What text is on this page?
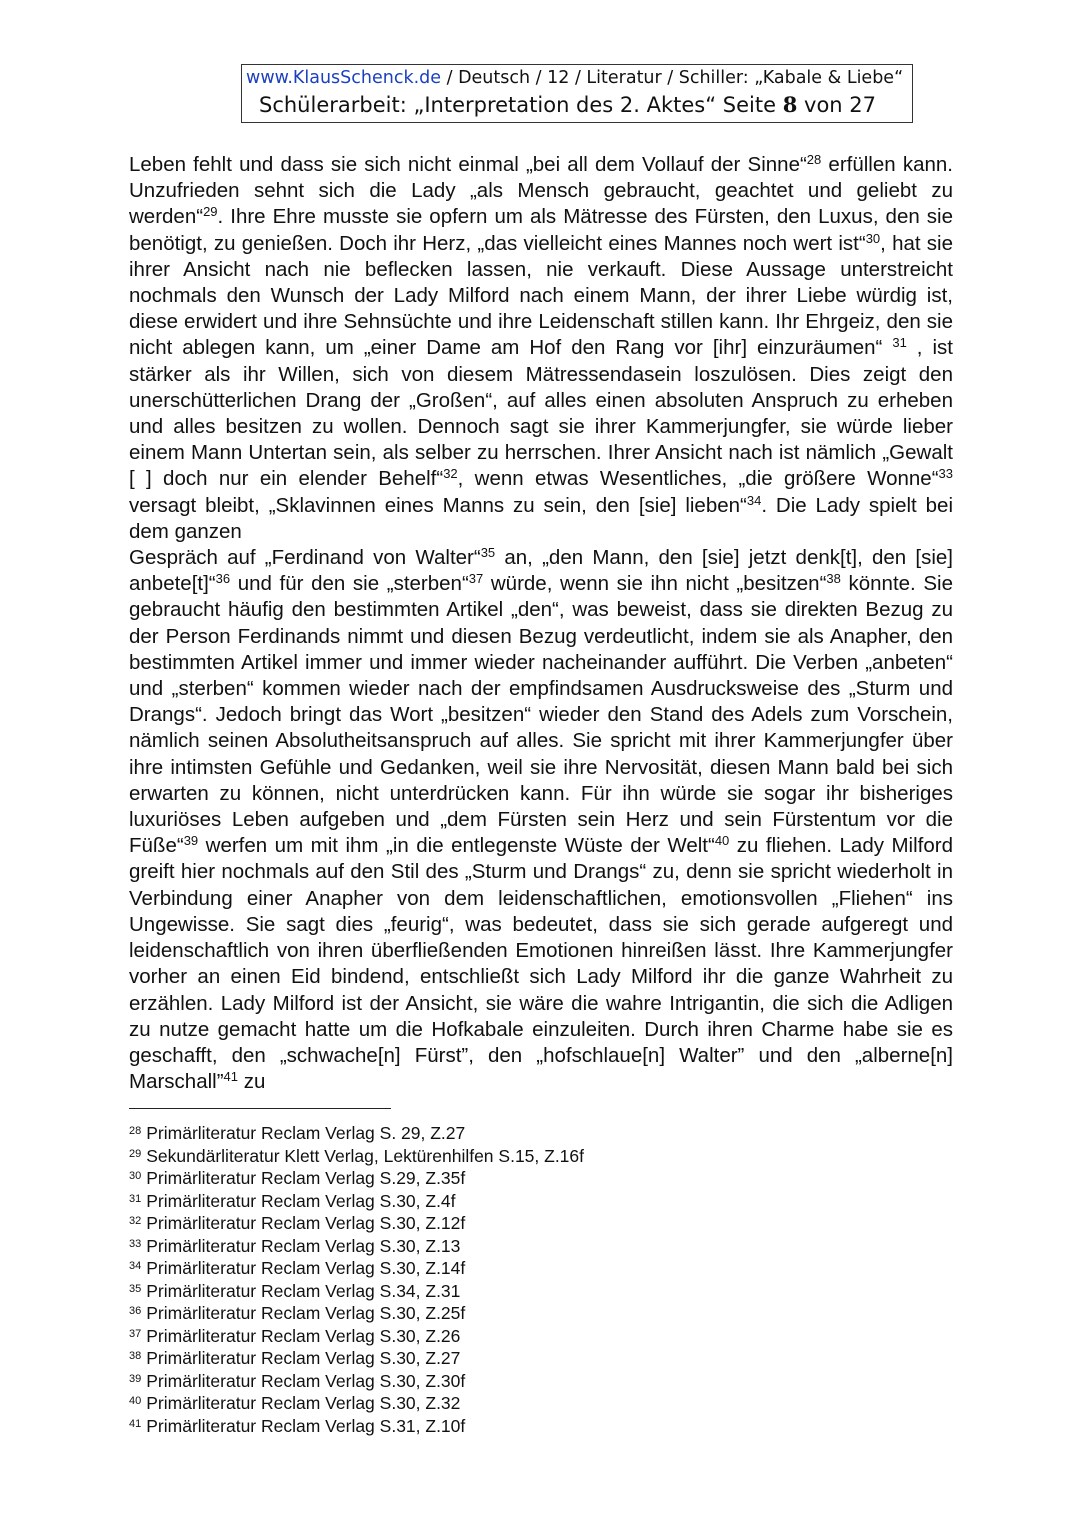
www.KlausSchenck.de / Deutsch / 12 / Literatur / Schiller: „Kabale & Liebe“
Schülerarbeit: „Interpretation des 2. Aktes“ Seite 8 von 27

Leben fehlt und dass sie sich nicht einmal „bei all dem Vollauf der Sinne“$^{28}$ erfüllen kann. Unzufrieden sehnt sich die Lady „als Mensch gebraucht, geachtet und geliebt zu werden“$^{29}$. Ihre Ehre musste sie opfern um als Mätresse des Fürsten, den Luxus, den sie benötigt, zu genießen. Doch ihr Herz, „das vielleicht eines Mannes noch wert ist“$^{30}$, hat sie ihrer Ansicht nach nie beflecken lassen, nie verkauft. Diese Aussage unterstreicht nochmals den Wunsch der Lady Milford nach einem Mann, der ihrer Liebe würdig ist, diese erwidert und ihre Sehnsüchte und ihre Leidenschaft stillen kann. Ihr Ehrgeiz, den sie nicht ablegen kann, um „einer Dame am Hof den Rang vor [ihr] einzuräumen“ $^{31}$ , ist stärker als ihr Willen, sich von diesem Mätressendasein loszulösen. Dies zeigt den unerschütterlichen Drang der „Großen“, auf alles einen absoluten Anspruch zu erheben und alles besitzen zu wollen. Dennoch sagt sie ihrer Kammerjungfer, sie würde lieber einem Mann Untertan sein, als selber zu herrschen. Ihrer Ansicht nach ist nämlich „Gewalt [ ] doch nur ein elender Behelf“$^{32}$, wenn etwas Wesentliches, „die größere Wonne“$^{33}$ versagt bleibt, „Sklavinnen eines Manns zu sein, den [sie] lieben“$^{34}$. Die Lady spielt bei dem ganzen

Gespräch auf „Ferdinand von Walter“$^{35}$ an, „den Mann, den [sie] jetzt denk[t], den [sie] anbete[t]“$^{36}$ und für den sie „sterben“$^{37}$ würde, wenn sie ihn nicht „besitzen“$^{38}$ könnte. Sie gebraucht häufig den bestimmten Artikel „den“, was beweist, dass sie direkten Bezug zu der Person Ferdinands nimmt und diesen Bezug verdeutlicht, indem sie als Anapher, den bestimmten Artikel immer und immer wieder nacheinander aufführt. Die Verben „anbeten“ und „sterben“ kommen wieder nach der empfindsamen Ausdrucksweise des „Sturm und Drangs“. Jedoch bringt das Wort „besitzen“ wieder den Stand des Adels zum Vorschein, nämlich seinen Absolutheitsanspruch auf alles. Sie spricht mit ihrer Kammerjungfer über ihre intimsten Gefühle und Gedanken, weil sie ihre Nervosität, diesen Mann bald bei sich erwarten zu können, nicht unterdrücken kann. Für ihn würde sie sogar ihr bisheriges luxuriöses Leben aufgeben und „dem Fürsten sein Herz und sein Fürstentum vor die Füße“$^{39}$ werfen um mit ihm „in die entlegenste Wüste der Welt“$^{40}$ zu fliehen. Lady Milford greift hier nochmals auf den Stil des „Sturm und Drangs“ zu, denn sie spricht wiederholt in Verbindung einer Anapher von dem leidenschaftlichen, emotionsvollen „Fliehen“ ins Ungewisse. Sie sagt dies „feurig“, was bedeutet, dass sie sich gerade aufgeregt und leidenschaftlich von ihren überfließenden Emotionen hinreißen lässt. Ihre Kammerjungfer vorher an einen Eid bindend, entschließt sich Lady Milford ihr die ganze Wahrheit zu erzählen. Lady Milford ist der Ansicht, sie wäre die wahre Intrigantin, die sich die Adligen zu nutze gemacht hatte um die Hofkabale einzuleiten. Durch ihren Charme habe sie es geschafft, den „schwache[n] Fürst”, den „hofschlaue[n] Walter” und den „alberne[n] Marschall”$^{41}$ zu

$^{28}$ Primärliteratur Reclam Verlag S. 29, Z.27
$^{29}$ Sekundärliteratur Klett Verlag, Lektürenhilfen S.15, Z.16f
$^{30}$ Primärliteratur Reclam Verlag S.29, Z.35f
$^{31}$ Primärliteratur Reclam Verlag S.30, Z.4f
$^{32}$ Primärliteratur Reclam Verlag S.30, Z.12f
$^{33}$ Primärliteratur Reclam Verlag S.30, Z.13
$^{34}$ Primärliteratur Reclam Verlag S.30, Z.14f
$^{35}$ Primärliteratur Reclam Verlag S.34, Z.31
$^{36}$ Primärliteratur Reclam Verlag S.30, Z.25f
$^{37}$ Primärliteratur Reclam Verlag S.30, Z.26
$^{38}$ Primärliteratur Reclam Verlag S.30, Z.27
$^{39}$ Primärliteratur Reclam Verlag S.30, Z.30f
$^{40}$ Primärliteratur Reclam Verlag S.30, Z.32
$^{41}$ Primärliteratur Reclam Verlag S.31, Z.10f
